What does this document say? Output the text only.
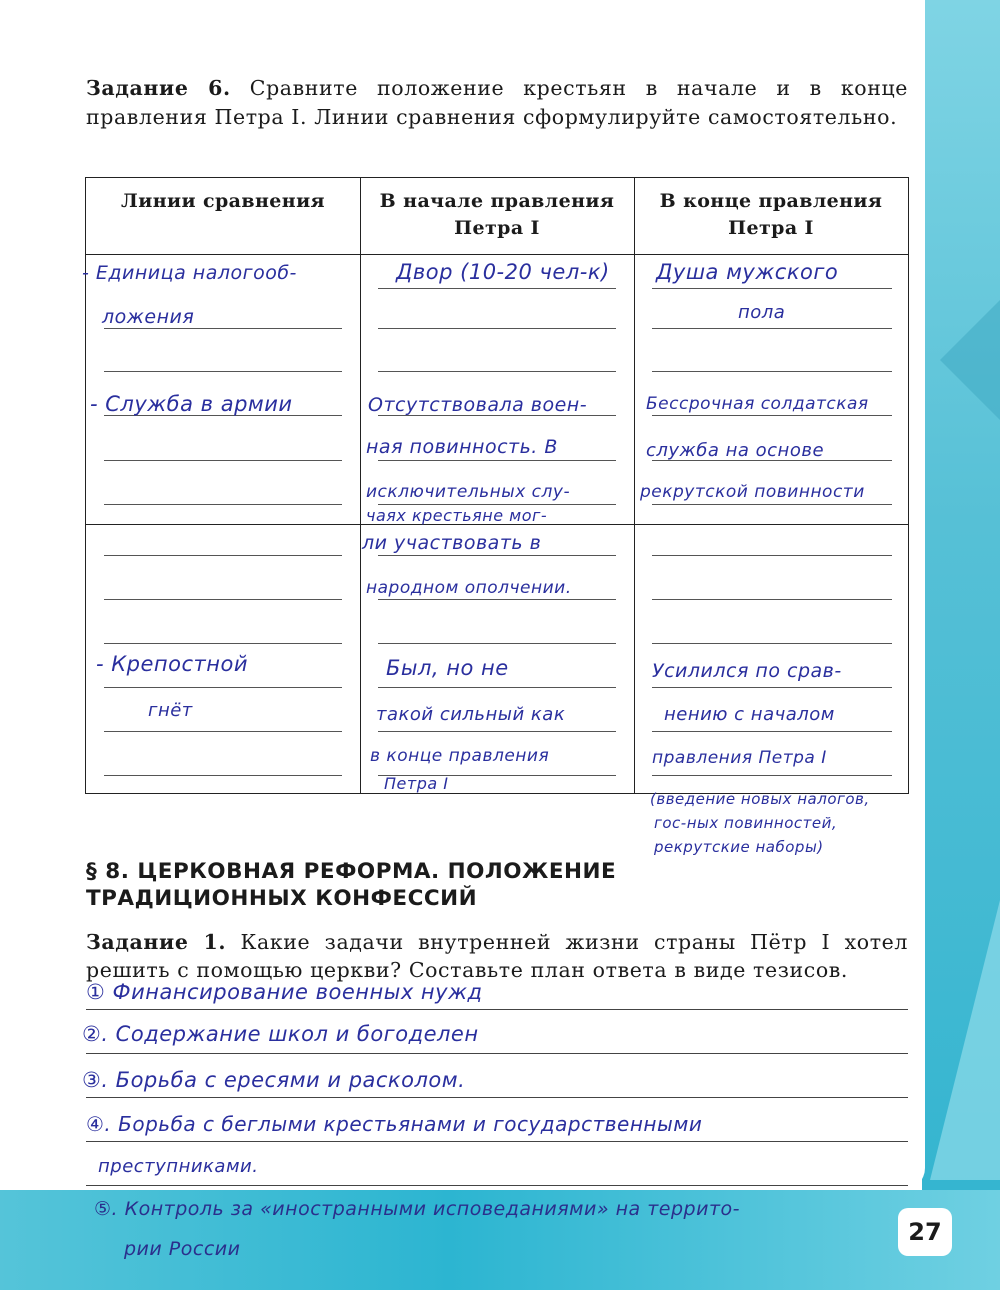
Задание 6. Сравните положение крестьян в начале и в конце правления Петра I. Линии сравнения сформулируйте самостоятельно.
Линии сравнения	В начале правления Петра I
В конце правления Петра I
- Единица налогооб-
ложения
Двор (10-20 чел-к) Душа мужского
пола
- Служба в армии	Отсутствовала воен-
ная повинность. В
исключительных слу-
чаях крестьяне мог-
ли участвовать в
народном ополчении.
Бессрочная солдатская
служба на основе
рекрутской повинности
- Крепостной
гнёт
Был, но не
такой сильный как
в конце правления
Петра I
Усилился по срав-
нению с началом
правления Петра I
(введение новых налогов,
гос-ных повинностей,
рекрутские наборы)
§ 8. ЦЕРКОВНАЯ РЕФОРМА. ПОЛОЖЕНИЕ ТРАДИЦИОННЫХ КОНФЕССИЙ
Задание 1. Какие задачи внутренней жизни страны Пётр I хотел решить с помощью церкви? Составьте план ответа в виде тезисов.
① Финансирование военных нужд
②. Содержание школ и богоделен
③. Борьба с ересями и расколом.
④. Борьба с беглыми крестьянами и государственными
преступниками.
⑤. Контроль за «иностранными исповеданиями» на террито-
рии России
27
